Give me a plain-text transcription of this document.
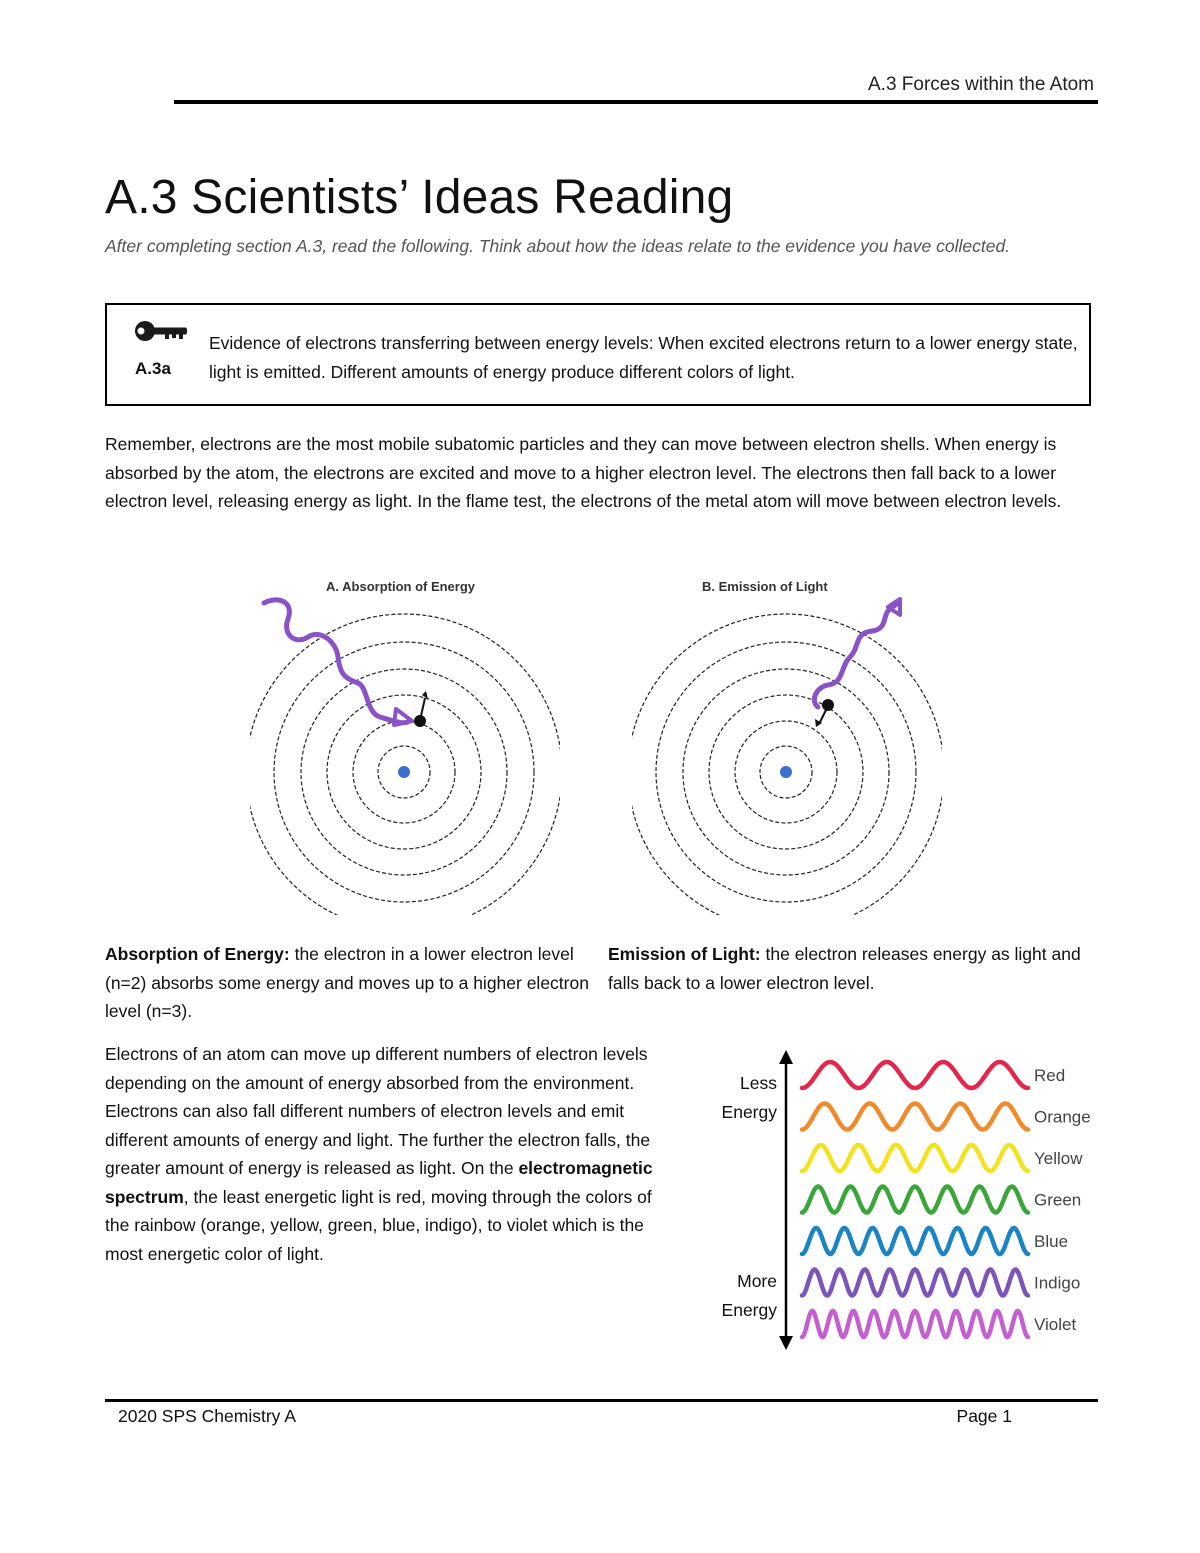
A.3 Forces within the Atom
A.3 Scientists’ Ideas Reading

After completing section A.3, read the following. Think about how the ideas relate to the evidence you have collected.

A.3a
Evidence of electrons transferring between energy levels: When excited electrons return to a lower energy state, light is emitted. Different amounts of energy produce different colors of light.

Remember, electrons are the most mobile subatomic particles and they can move between electron shells. When energy is absorbed by the atom, the electrons are excited and move to a higher electron level. The electrons then fall back to a lower electron level, releasing energy as light. In the flame test, the electrons of the metal atom will move between electron levels.

A. Absorption of Energy	B. Emission of Light

Absorption of Energy: the electron in a lower electron level (n=2) absorbs some energy and moves up to a higher electron level (n=3).

Emission of Light: the electron releases energy as light and falls back to a lower electron level.

Electrons of an atom can move up different numbers of electron levels depending on the amount of energy absorbed from the environment. Electrons can also fall different numbers of electron levels and emit different amounts of energy and light. The further the electron falls, the greater amount of energy is released as light. On the electromagnetic spectrum, the least energetic light is red, moving through the colors of the rainbow (orange, yellow, green, blue, indigo), to violet which is the most energetic color of light.

Less Energy
More Energy
Red
Orange
Yellow
Green
Blue
Indigo
Violet
2020 SPS Chemistry A	Page 1
